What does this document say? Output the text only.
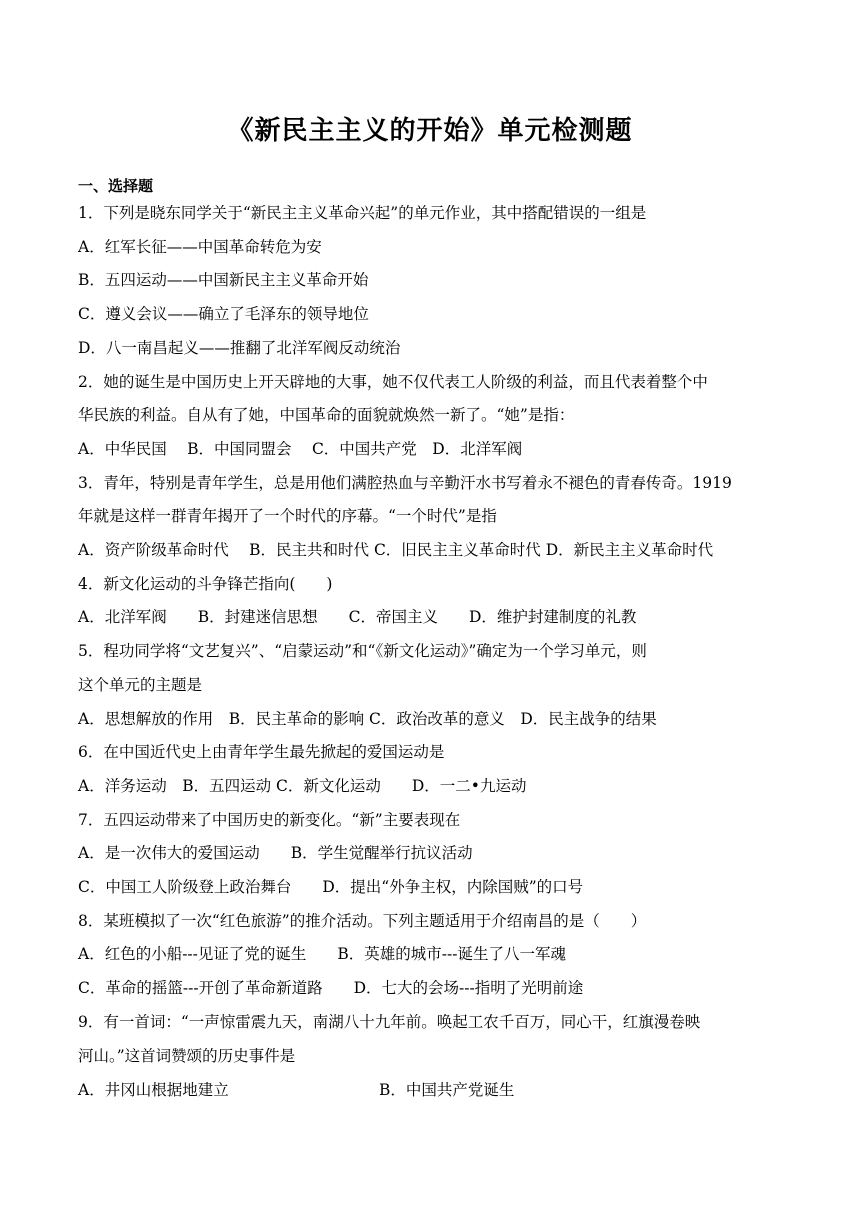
《新民主主义的开始》单元检测题
一、选择题
1．下列是晓东同学关于“新民主主义革命兴起”的单元作业，其中搭配错误的一组是
A．红军长征——中国革命转危为安
B．五四运动——中国新民主主义革命开始
C．遵义会议——确立了毛泽东的领导地位
D．八一南昌起义——推翻了北洋军阀反动统治
2．她的诞生是中国历史上开天辟地的大事，她不仅代表工人阶级的利益，而且代表着整个中
华民族的利益。自从有了她，中国革命的面貌就焕然一新了。“她”是指：
A．中华民国　 B．中国同盟会　 C．中国共产党　D．北洋军阀
3．青年，特别是青年学生，总是用他们满腔热血与辛勤汗水书写着永不褪色的青春传奇。1919
年就是这样一群青年揭开了一个时代的序幕。“一个时代”是指
A．资产阶级革命时代　 B．民主共和时代 C．旧民主主义革命时代 D．新民主主义革命时代
4．新文化运动的斗争锋芒指向(　　)
A．北洋军阀　　B．封建迷信思想　　C．帝国主义　　D．维护封建制度的礼教
5．程功同学将“文艺复兴”、“启蒙运动”和“《新文化运动》”确定为一个学习单元，则
这个单元的主题是
A．思想解放的作用　B．民主革命的影响 C．政治改革的意义　D．民主战争的结果
6．在中国近代史上由青年学生最先掀起的爱国运动是
A．洋务运动　B．五四运动 C．新文化运动　　D．一二•九运动
7．五四运动带来了中国历史的新变化。“新”主要表现在
A．是一次伟大的爱国运动　　B．学生觉醒举行抗议活动
C．中国工人阶级登上政治舞台　　D．提出“外争主权，内除国贼”的口号
8．某班模拟了一次“红色旅游”的推介活动。下列主题适用于介绍南昌的是（　　）
A．红色的小船---见证了党的诞生　　B．英雄的城市---诞生了八一军魂
C．革命的摇篮---开创了革命新道路　　D．七大的会场---指明了光明前途
9．有一首词：“一声惊雷震九天，南湖八十九年前。唤起工农千百万，同心干，红旗漫卷映
河山。”这首词赞颂的历史事件是
A．井冈山根据地建立	B．中国共产党诞生
